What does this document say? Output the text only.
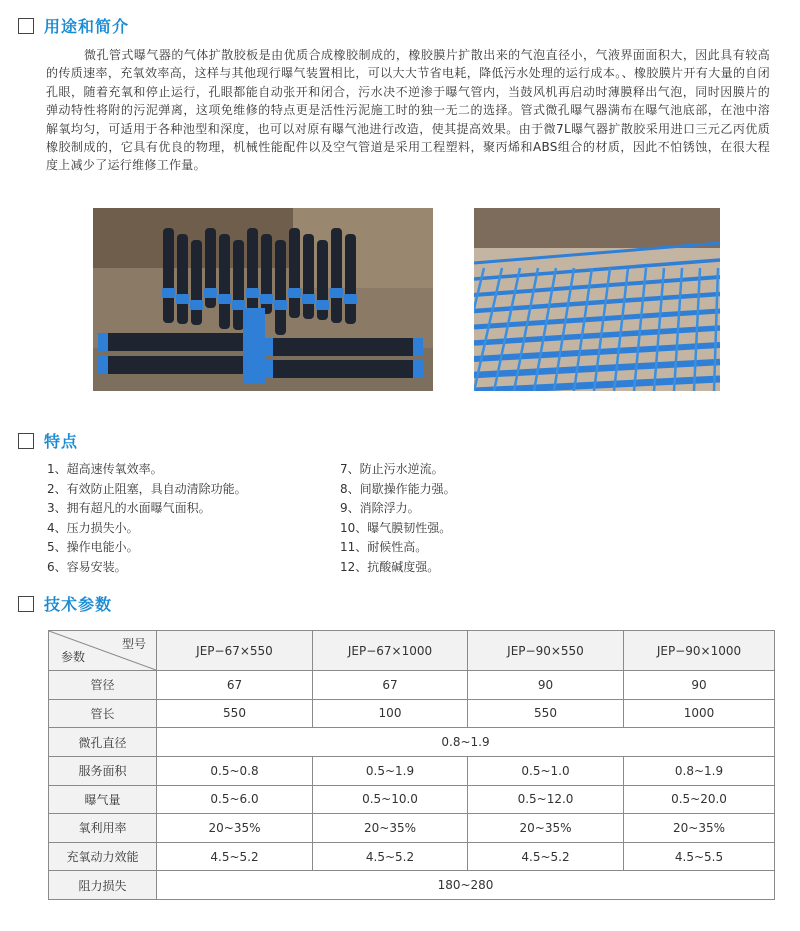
用途和简介

微孔管式曝气器的气体扩散胶板是由优质合成橡胶制成的，橡胶膜片扩散出来的气泡直径小，气液界面面积大，因此具有较高的传质速率，充氧效率高，这样与其他现行曝气装置相比，可以大大节省电耗，降低污水处理的运行成本。、橡胶膜片开有大量的自闭孔眼，随着充氧和停止运行，孔眼都能自动张开和闭合，污水决不逆渗于曝气管内，当鼓风机再启动时薄膜释出气泡，同时因膜片的弹动特性将附的污泥弹离，这项免维修的特点更是活性污泥施工时的独一无二的选择。管式微孔曝气器满布在曝气池底部，在池中溶解氧均匀，可适用于各种池型和深度，也可以对原有曝气池进行改造，使其提高效果。由于微7L曝气器扩散胶采用进口三元乙丙优质橡胶制成的，它具有优良的物理，机械性能配件以及空气管道是采用工程塑料，聚丙烯和ABS组合的材质，因此不怕锈蚀，在很大程度上减少了运行维修工作量。

特点
1、超高速传氧效率。
2、有效防止阻塞，具自动清除功能。
3、拥有超凡的水面曝气面积。
4、压力损失小。
5、操作电能小。
6、容易安装。
7、防止污水逆流。
8、间歇操作能力强。
9、消除浮力。
10、曝气膜韧性强。
11、耐候性高。
12、抗酸碱度强。
技术参数
型号
参数	JEP−67×550	JEP−67×1000	JEP−90×550	JEP−90×1000
管径	67	67	90	90
管长	550	100	550	1000
微孔直径	0.8~1.9			
服务面积	0.5~0.8	0.5~1.9	0.5~1.0	0.8~1.9
曝气量	0.5~6.0	0.5~10.0	0.5~12.0	0.5~20.0
氧利用率	20~35%	20~35%	20~35%	20~35%
充氧动力效能	4.5~5.2	4.5~5.2	4.5~5.2	4.5~5.5
阻力损失	180~280			
